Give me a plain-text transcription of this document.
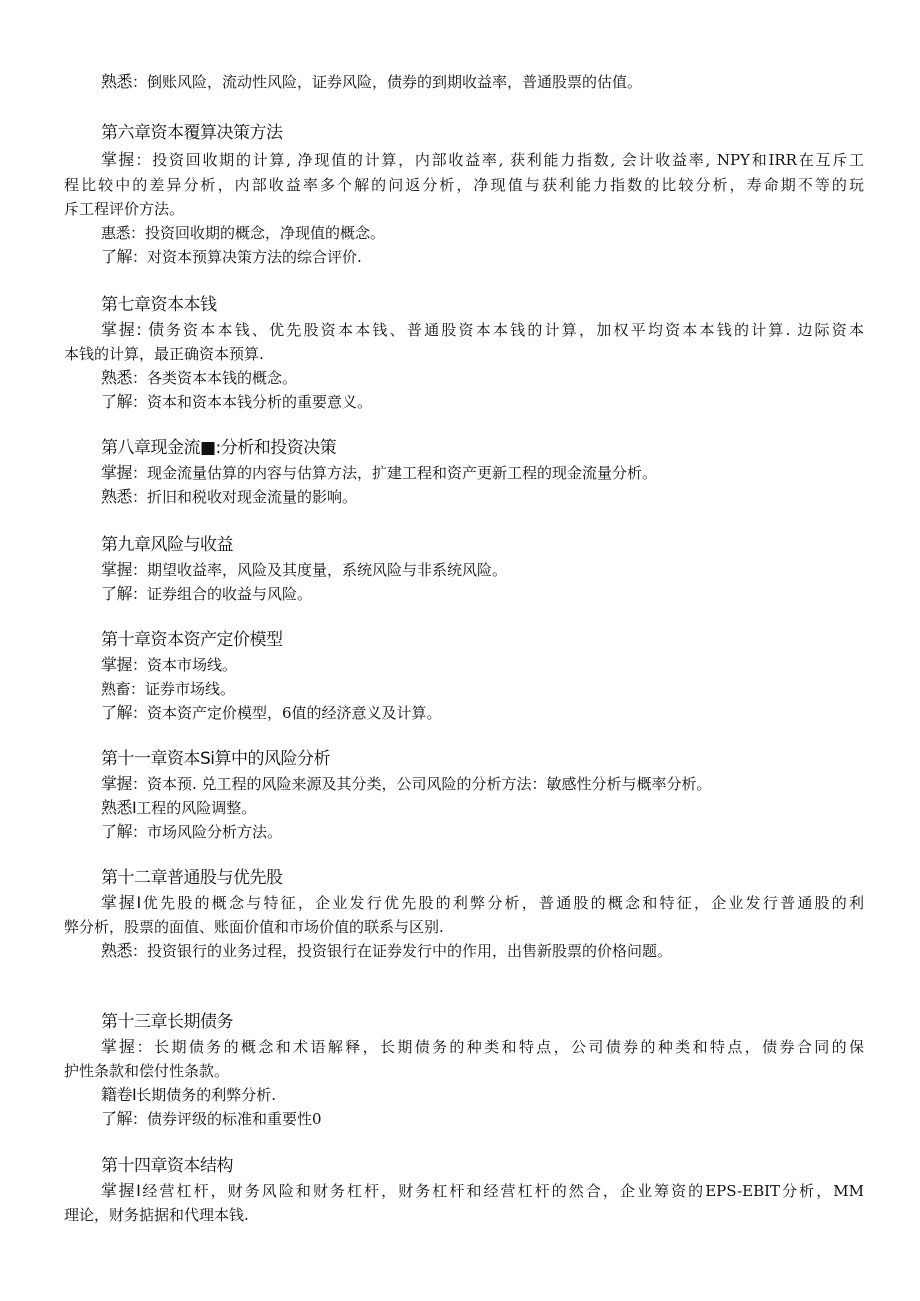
熟悉：倒账风险，流动性风险，证券风险，债券的到期收益率，普通股票的估值。
第六章资本覆算决策方法
掌握：投资回收期的计算, 净现值的计算，内部收益率, 获利能力指数, 会计收益率, NPY和IRR在互斥工
程比较中的差异分析，内部收益率多个解的问返分析，净现值与获利能力指数的比较分析，寿命期不等的玩
斥工程评价方法。
惠悉：投资回收期的概念，净现值的概念。
了解：对资本预算决策方法的综合评价.
第七章资本本钱
掌握: 债务资本本钱、优先股资本本钱、普通股资本本钱的计算，加权平均资本本钱的计算. 边际资本
本钱的计算，最正确资本预算.
熟悉：各类资本本钱的概念。
了解：资本和资本本钱分析的重要意义。
第八章现金流■:分析和投资决策
掌握：现金流量估算的内容与估算方法，扩建工程和资产更新工程的现金流量分析。
熟悉：折旧和税收对现金流量的影响。
第九章风险与收益
掌握：期望收益率，风险及其度量，系统风险与非系统风险。
了解：证券组合的收益与风险。
第十章资本资产定价模型
掌握：资本市场线。
熟畜：证券市场线。
了解：资本资产定价模型，6值的经济意义及计算。
第十一章资本Si算中的风险分析
掌握：资本预. 兑工程的风险来源及其分类，公司风险的分析方法：敏感性分析与概率分析。
熟悉I工程的风险调整。
了解：市场风险分析方法。
第十二章普通股与优先股
掌握I优先股的概念与特征，企业发行优先股的利弊分析，普通股的概念和特征，企业发行普通股的利
弊分析，股票的面值、账面价值和市场价值的联系与区别.
熟悉：投资银行的业务过程，投资银行在证券发行中的作用，出售新股票的价格问题。
第十三章长期债务
掌握：长期债务的概念和术语解释，长期债务的种类和特点，公司债券的种类和特点，债券合同的保
护性条款和偿付性条款。
籍卷I长期债务的利弊分析.
了解：债券评级的标准和重要性0
第十四章资本结构
掌握I经营杠杆，财务风险和财务杠杆，财务杠杆和经营杠杆的然合，企业筹资的EPS-EBIT分析，MM
理论，财务掂据和代理本钱.
